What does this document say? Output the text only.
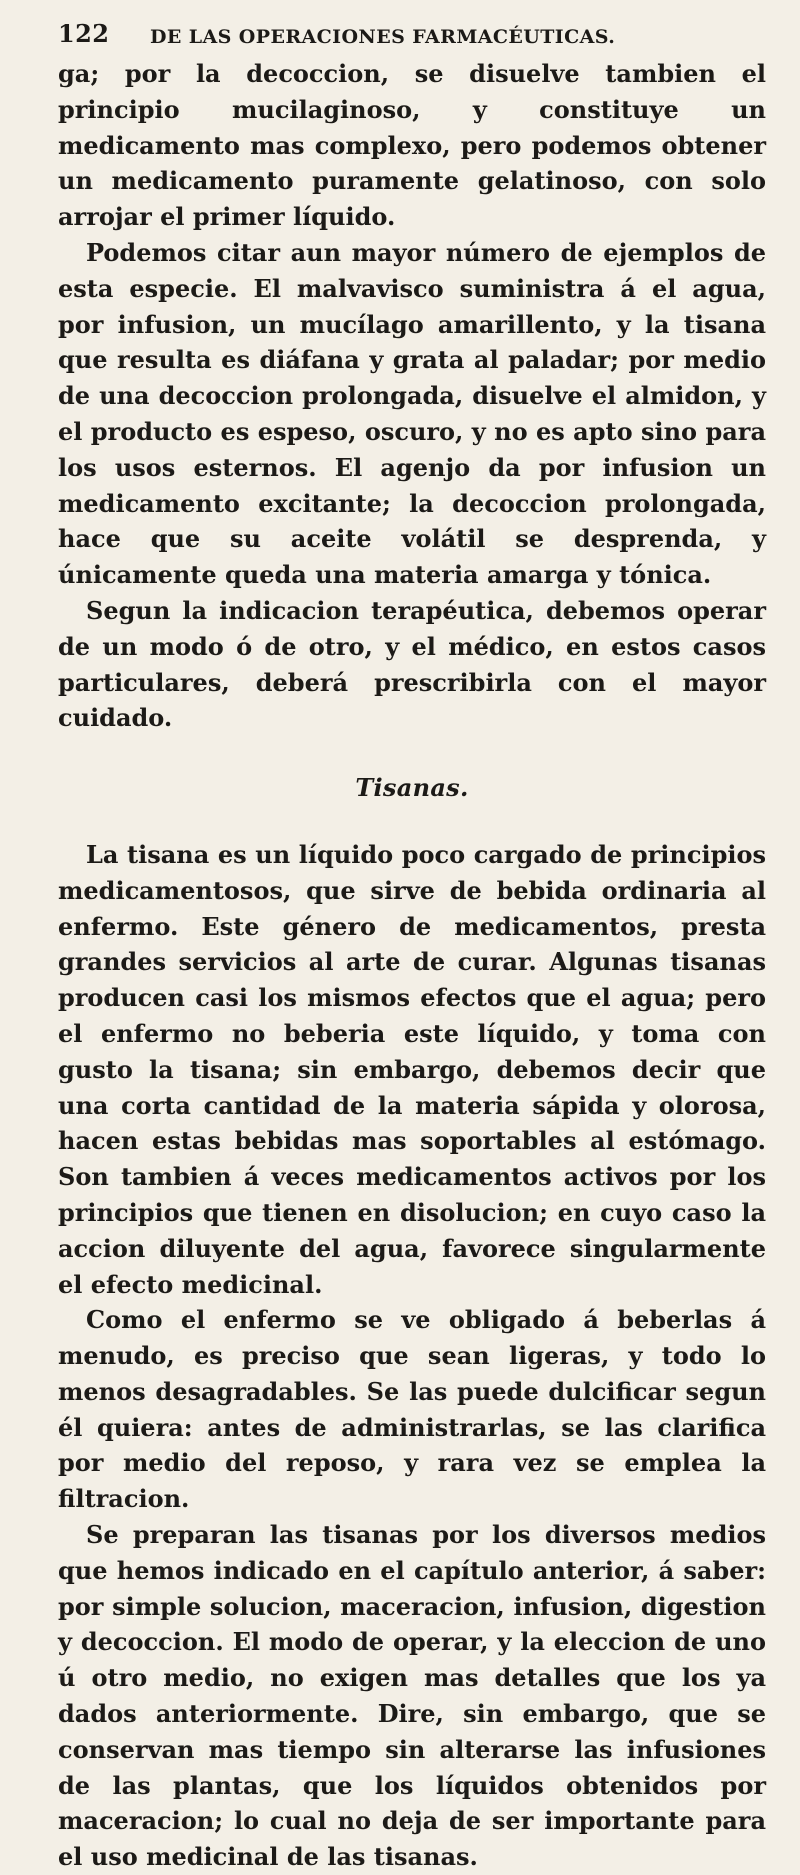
122	DE LAS OPERACIONES FARMACÉUTICAS.

ga; por la decoccion, se disuelve tambien el principio mucilaginoso, y constituye un medicamento mas complexo, pero podemos obtener un medicamento puramente gelatinoso, con solo arrojar el primer líquido.

Podemos citar aun mayor número de ejemplos de esta especie. El malvavisco suministra á el agua, por infusion, un mucílago amarillento, y la tisana que resulta es diáfana y grata al paladar; por medio de una decoccion prolongada, disuelve el almidon, y el producto es espeso, oscuro, y no es apto sino para los usos esternos. El agenjo da por infusion un medicamento excitante; la decoccion prolongada, hace que su aceite volátil se desprenda, y únicamente queda una materia amarga y tónica.

Segun la indicacion terapéutica, debemos operar de un modo ó de otro, y el médico, en estos casos particulares, deberá prescribirla con el mayor cuidado.

Tisanas.

La tisana es un líquido poco cargado de principios medicamentosos, que sirve de bebida ordinaria al enfermo. Este género de medicamentos, presta grandes servicios al arte de curar. Algunas tisanas producen casi los mismos efectos que el agua; pero el enfermo no beberia este líquido, y toma con gusto la tisana; sin embargo, debemos decir que una corta cantidad de la materia sápida y olorosa, hacen estas bebidas mas soportables al estómago. Son tambien á veces medicamentos activos por los principios que tienen en disolucion; en cuyo caso la accion diluyente del agua, favorece singularmente el efecto medicinal.

Como el enfermo se ve obligado á beberlas á menudo, es preciso que sean ligeras, y todo lo menos desagradables. Se las puede dulcificar segun él quiera: antes de administrarlas, se las clarifica por medio del reposo, y rara vez se emplea la filtracion.

Se preparan las tisanas por los diversos medios que hemos indicado en el capítulo anterior, á saber: por simple solucion, maceracion, infusion, digestion y decoccion. El modo de operar, y la eleccion de uno ú otro medio, no exigen mas detalles que los ya dados anteriormente. Dire, sin embargo, que se conservan mas tiempo sin alterarse las infusiones de las plantas, que los líquidos obtenidos por maceracion; lo cual no deja de ser importante para el uso medicinal de las tisanas.
